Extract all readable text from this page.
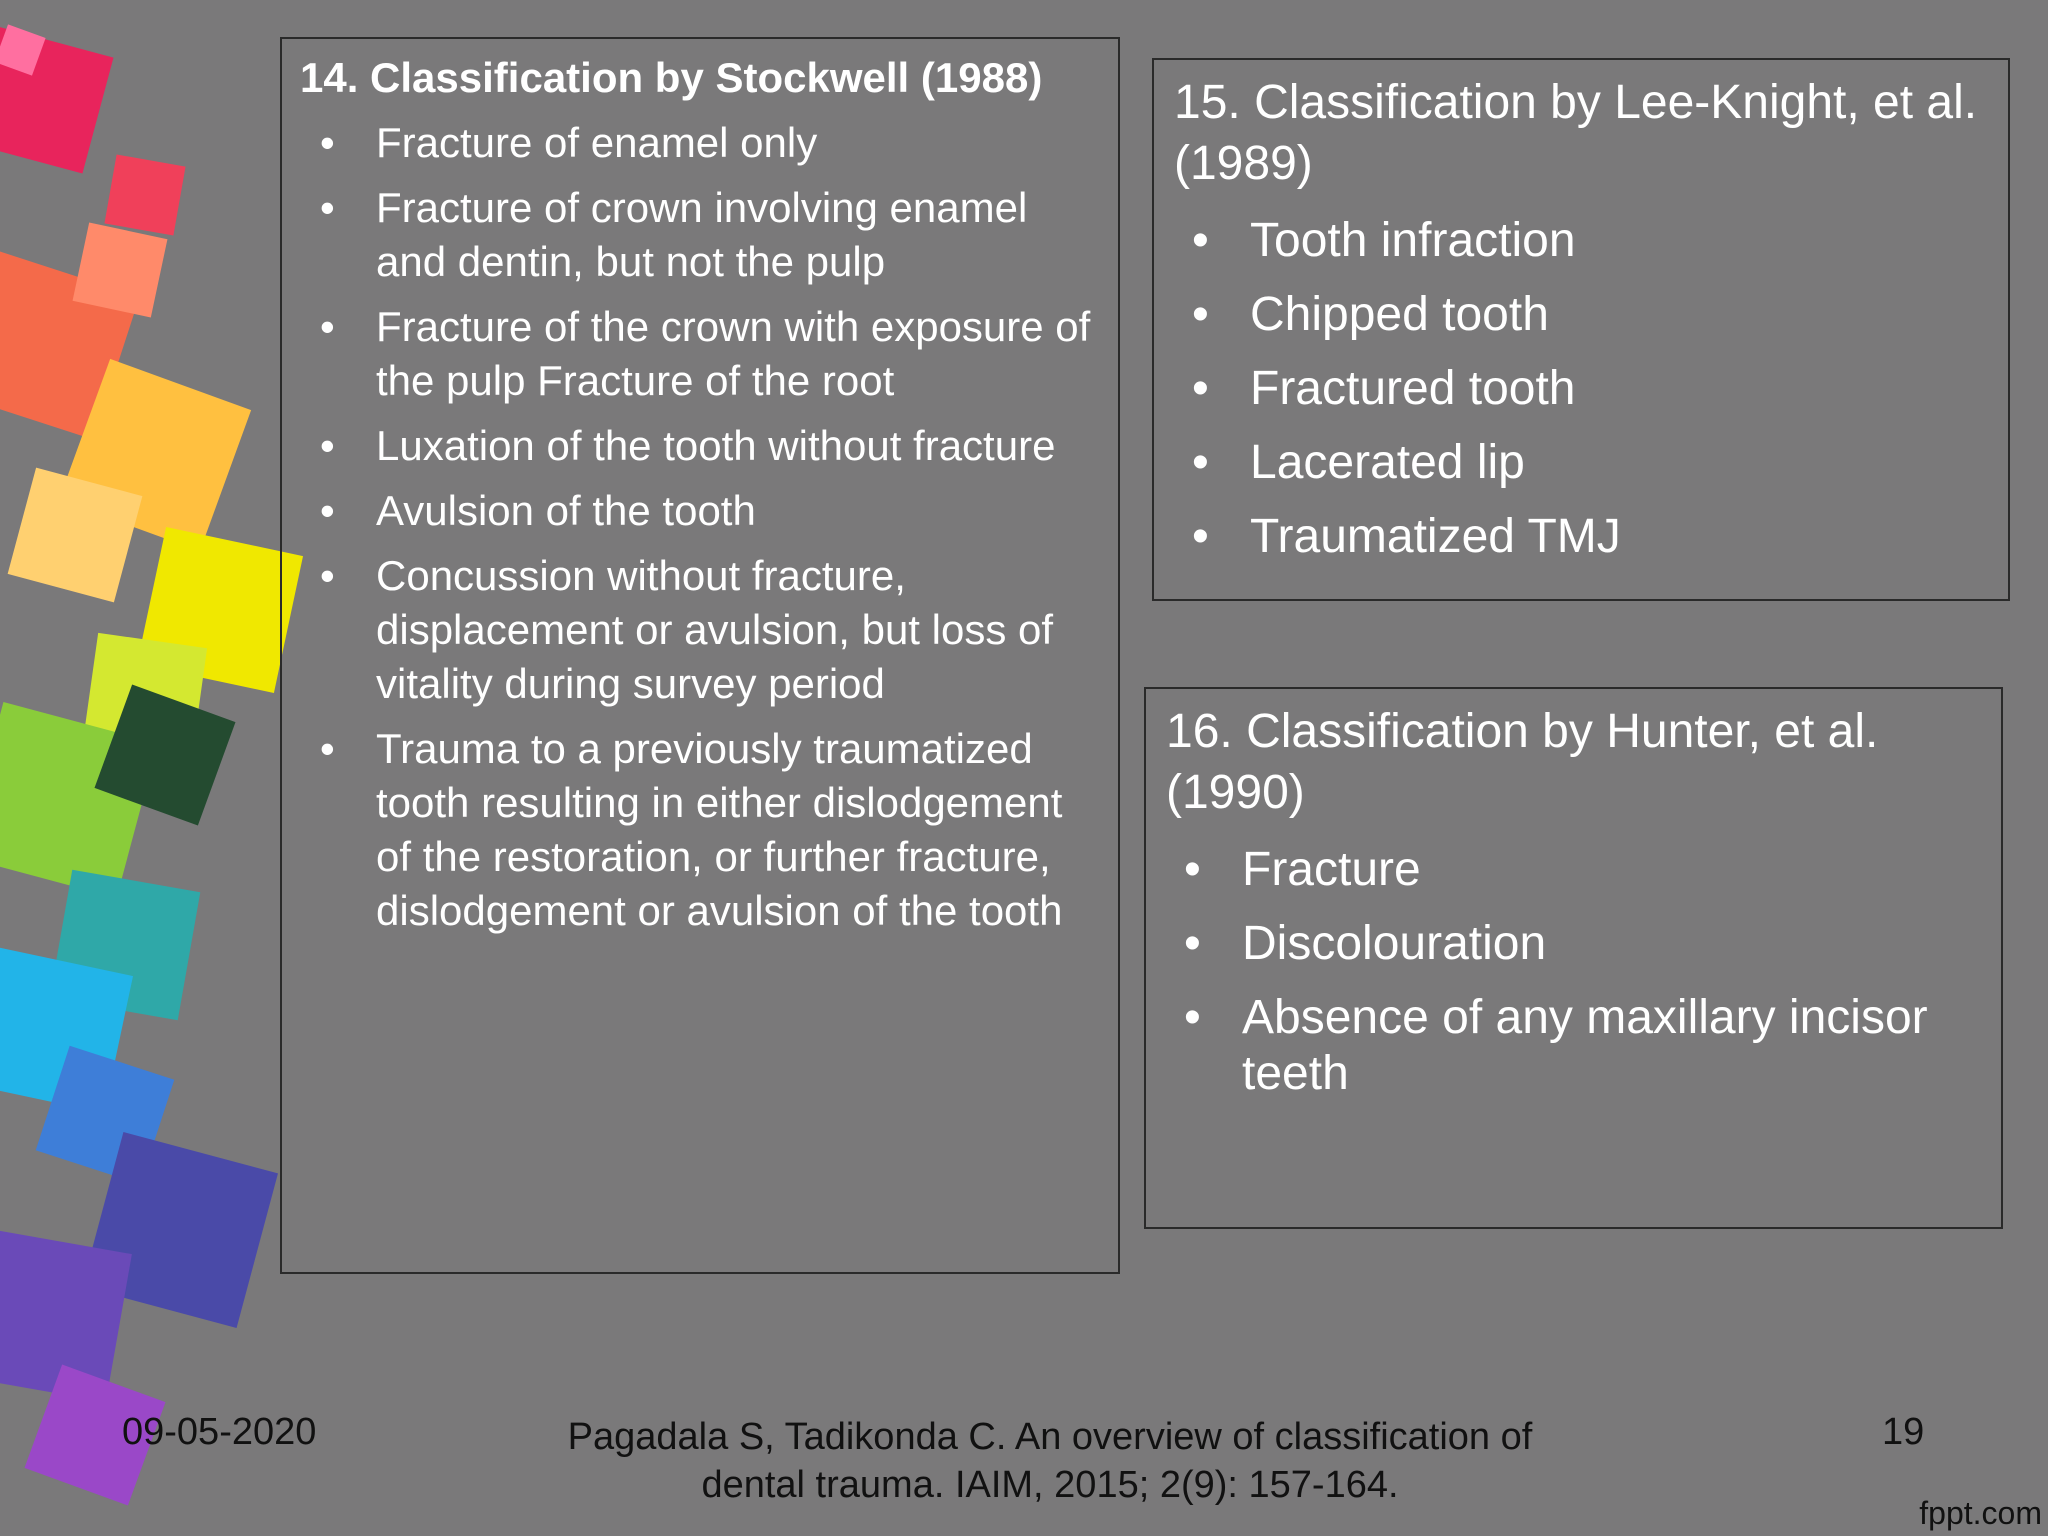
14. Classification by Stockwell (1988)

• Fracture of enamel only
• Fracture of crown involving enamel and dentin, but not the pulp
• Fracture of the crown with exposure of the pulp Fracture of the root
• Luxation of the tooth without fracture
• Avulsion of the tooth
• Concussion without fracture, displacement or avulsion, but loss of vitality during survey period
• Trauma to a previously traumatized tooth resulting in either dislodgement of the restoration, or further fracture, dislodgement or avulsion of the tooth

15. Classification by Lee-Knight, et al. (1989)

• Tooth infraction
• Chipped tooth
• Fractured tooth
• Lacerated lip
• Traumatized TMJ

16. Classification by Hunter, et al. (1990)

• Fracture
• Discolouration
• Absence of any maxillary incisor teeth
09-05-2020	Pagadala S, Tadikonda C. An overview of classification of dental trauma. IAIM, 2015; 2(9): 157-164.
19
fppt.com
